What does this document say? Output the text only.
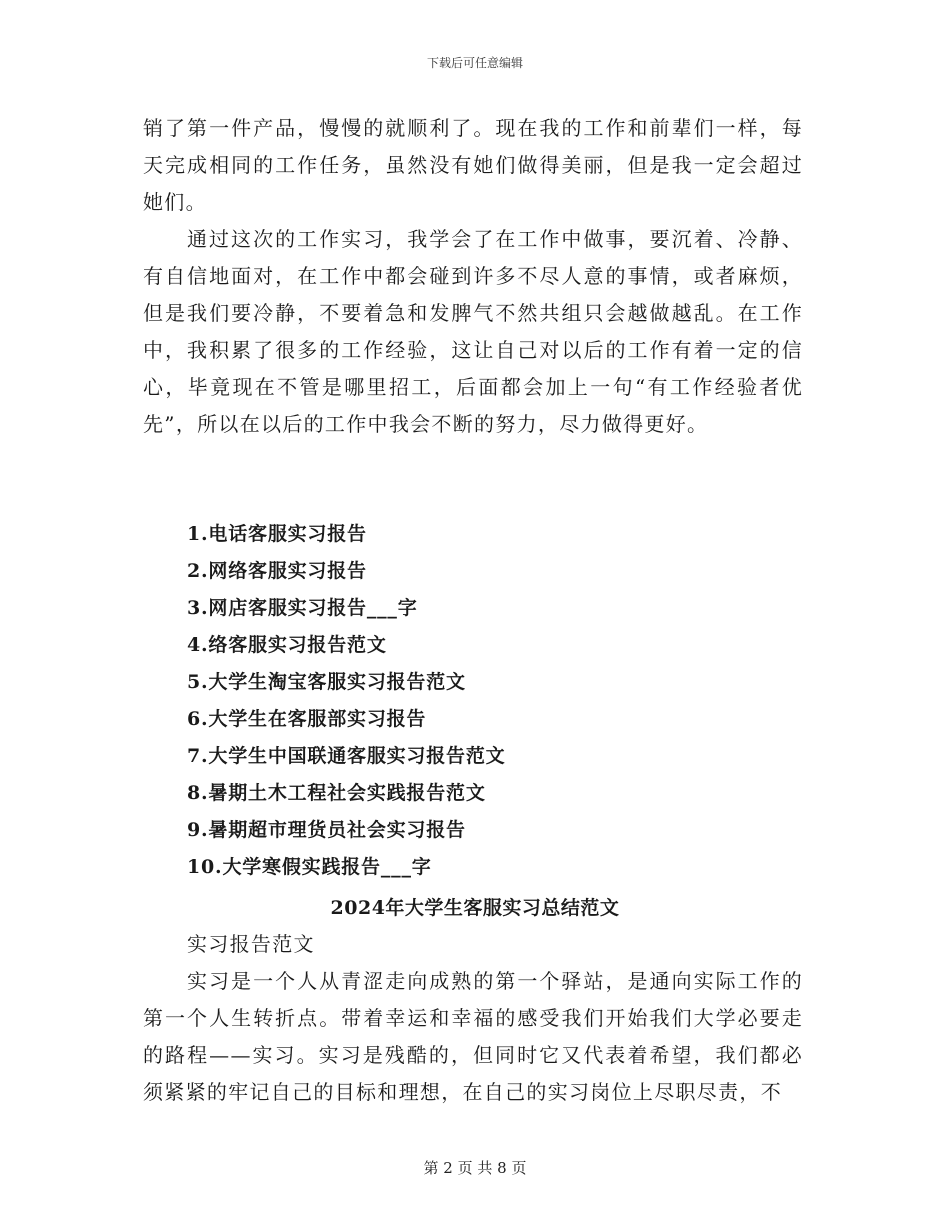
下载后可任意编辑

销了第一件产品，慢慢的就顺利了。现在我的工作和前辈们一样，每天完成相同的工作任务，虽然没有她们做得美丽，但是我一定会超过她们。

通过这次的工作实习，我学会了在工作中做事，要沉着、冷静、有自信地面对，在工作中都会碰到许多不尽人意的事情，或者麻烦，但是我们要冷静，不要着急和发脾气不然共组只会越做越乱。在工作中，我积累了很多的工作经验，这让自己对以后的工作有着一定的信心，毕竟现在不管是哪里招工，后面都会加上一句“有工作经验者优先”，所以在以后的工作中我会不断的努力，尽力做得更好。

1.电话客服实习报告
2.网络客服实习报告
3.网店客服实习报告___字
4.络客服实习报告范文
5.大学生淘宝客服实习报告范文
6.大学生在客服部实习报告
7.大学生中国联通客服实习报告范文
8.暑期土木工程社会实践报告范文
9.暑期超市理货员社会实习报告
10.大学寒假实践报告___字
2024年大学生客服实习总结范文

实习报告范文

实习是一个人从青涩走向成熟的第一个驿站，是通向实际工作的第一个人生转折点。带着幸运和幸福的感受我们开始我们大学必要走的路程——实习。实习是残酷的，但同时它又代表着希望，我们都必须紧紧的牢记自己的目标和理想，在自己的实习岗位上尽职尽责，不

第 2 页 共 8 页
